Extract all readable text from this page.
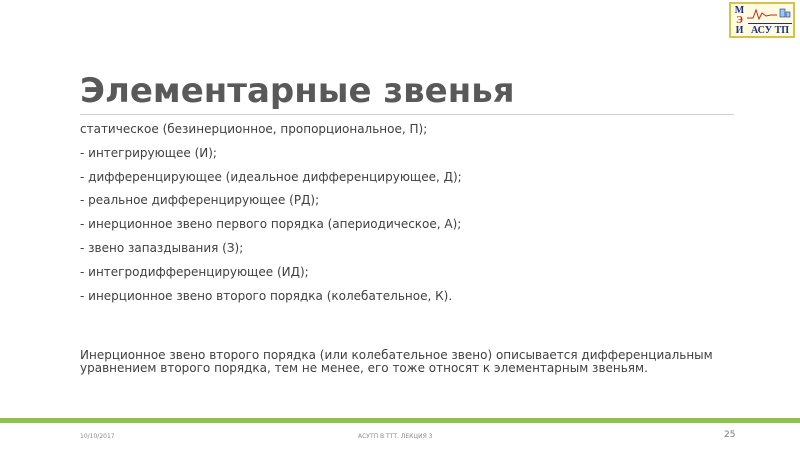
М
Э
И АСУ ТП
Элементарные звенья
статическое (безинерционное, пропорциональное, П);
- интегрирующее (И);
- дифференцирующее (идеальное дифференцирующее, Д);
- реальное дифференцирующее (РД);
- инерционное звено первого порядка (апериодическое, А);
- звено запаздывания (З);
- интегродифференцирующее (ИД);
- инерционное звено второго порядка (колебательное, К).

Инерционное звено второго порядка (или колебательное звено) описывается дифференциальным уравнением второго порядка, тем не менее, его тоже относят к элементарным звеньям.

10/10/2017	АСУТП В ТТТ. ЛЕКЦИЯ 3	25
